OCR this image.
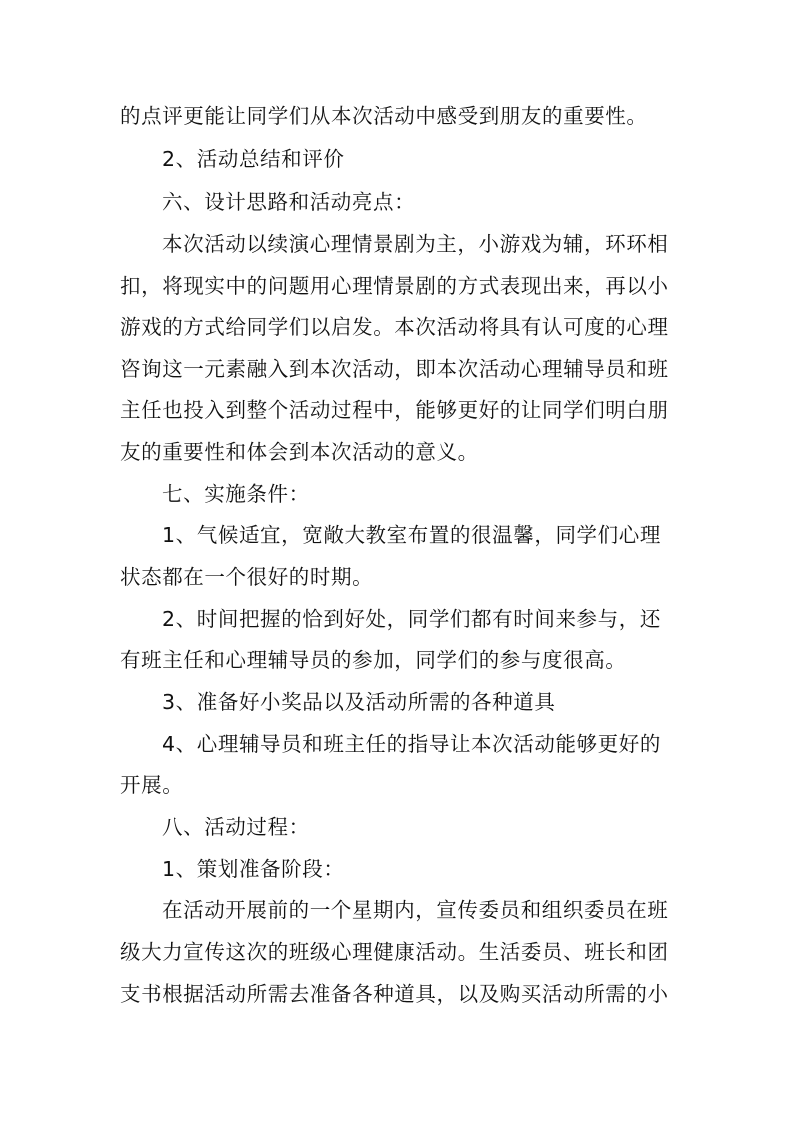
的点评更能让同学们从本次活动中感受到朋友的重要性。
2、活动总结和评价
六、设计思路和活动亮点：
本次活动以续演心理情景剧为主，小游戏为辅，环环相
扣，将现实中的问题用心理情景剧的方式表现出来，再以小
游戏的方式给同学们以启发。本次活动将具有认可度的心理
咨询这一元素融入到本次活动，即本次活动心理辅导员和班
主任也投入到整个活动过程中，能够更好的让同学们明白朋
友的重要性和体会到本次活动的意义。
七、实施条件：
1、气候适宜，宽敞大教室布置的很温馨，同学们心理
状态都在一个很好的时期。
2、时间把握的恰到好处，同学们都有时间来参与，还
有班主任和心理辅导员的参加，同学们的参与度很高。
3、准备好小奖品以及活动所需的各种道具
4、心理辅导员和班主任的指导让本次活动能够更好的
开展。
八、活动过程：
1、策划准备阶段：
在活动开展前的一个星期内，宣传委员和组织委员在班
级大力宣传这次的班级心理健康活动。生活委员、班长和团
支书根据活动所需去准备各种道具，以及购买活动所需的小
